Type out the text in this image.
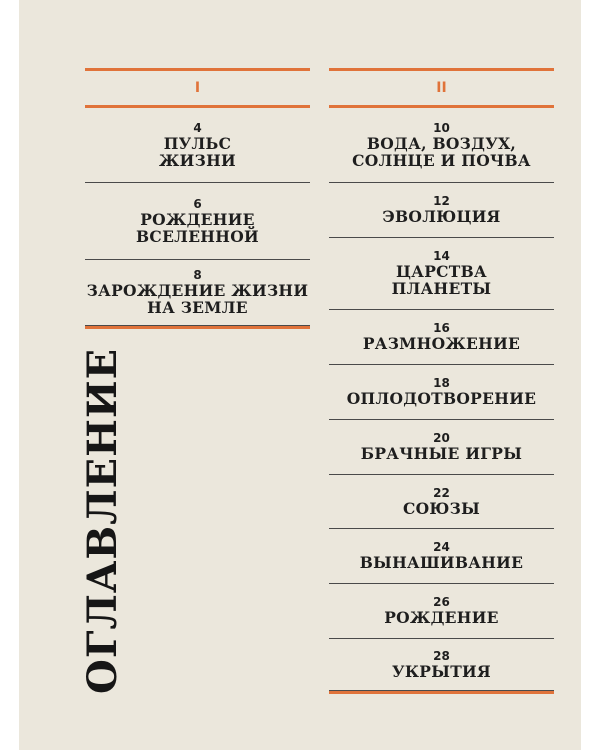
I
4
ПУЛЬС
ЖИЗНИ
6
РОЖДЕНИЕ
ВСЕЛЕННОЙ
8
ЗАРОЖДЕНИЕ ЖИЗНИ
НА ЗЕМЛЕ
II
10
ВОДА, ВОЗДУХ,
СОЛНЦЕ И ПОЧВА
12
ЭВОЛЮЦИЯ
14
ЦАРСТВА
ПЛАНЕТЫ
16
РАЗМНОЖЕНИЕ
18
ОПЛОДОТВОРЕНИЕ
20
БРАЧНЫЕ ИГРЫ
22
СОЮЗЫ
24
ВЫНАШИВАНИЕ
26
РОЖДЕНИЕ
28
УКРЫТИЯ
ОГЛАВЛЕНИЕ
